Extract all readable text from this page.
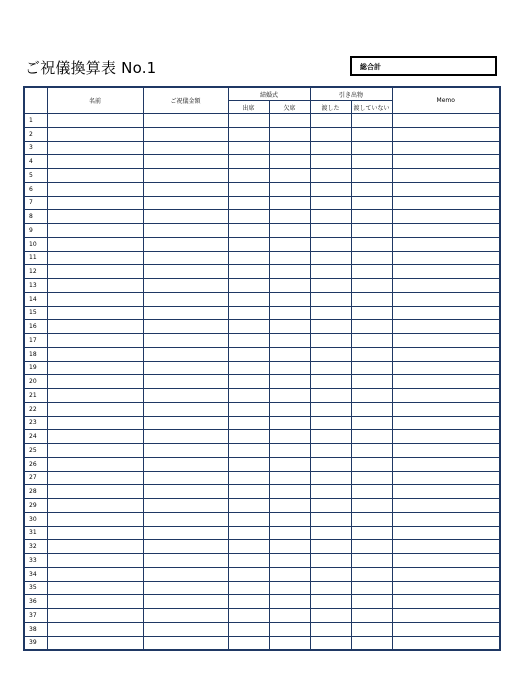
ご祝儀換算表 No.1	総合計
	名前	ご祝儀金額	結婚式		引き出物		Memo
			出席	欠席	渡した	渡していない	
1							
2							
3							
4							
5							
6							
7							
8							
9							
10							
11							
12							
13							
14							
15							
16							
17							
18							
19							
20							
21							
22							
23							
24							
25							
26							
27							
28							
29							
30							
31							
32							
33							
34							
35							
36							
37							
38							
39							
